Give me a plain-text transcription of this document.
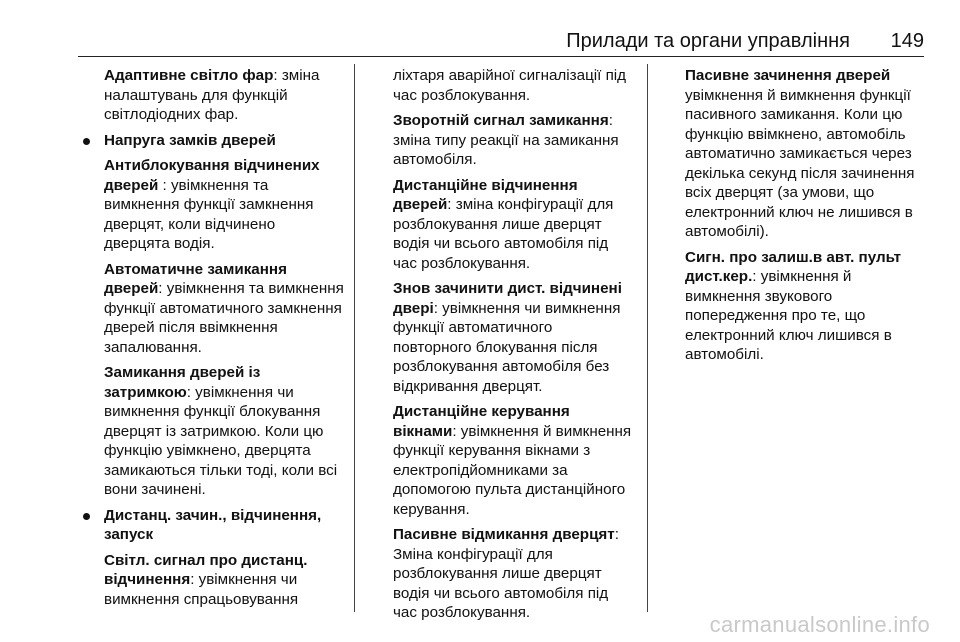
Прилади та органи управління 149

Адаптивне світло фар: зміна налаштувань для функцій світлодіодних фар.

Напруга замків дверей

Антиблокування відчинених дверей : увімкнення та вимкнення функції замкнення дверцят, коли відчинено дверцята водія.

Автоматичне замикання дверей: увімкнення та вимкнення функції автоматичного замкнення дверей після ввімкнення запалювання.

Замикання дверей із затримкою: увімкнення чи вимкнення функції блокування дверцят із затримкою. Коли цю функцію увімкнено, дверцята замикаються тільки тоді, коли всі вони зачинені.

Дистанц. зачин., відчинення, запуск

Світл. сигнал про дистанц. відчинення: увімкнення чи вимкнення спрацьовування

ліхтаря аварійної сигналізації під час розблокування.

Зворотній сигнал замикання: зміна типу реакції на замикання автомобіля.

Дистанційне відчинення дверей: зміна конфігурації для розблокування лише дверцят водія чи всього автомобіля під час розблокування.

Знов зачинити дист. відчинені двері: увімкнення чи вимкнення функції автоматичного повторного блокування після розблокування автомобіля без відкривання дверцят.

Дистанційне керування вікнами: увімкнення й вимкнення функції керування вікнами з електропідйомниками за допомогою пульта дистанційного керування.

Пасивне відмикання дверцят: Зміна конфігурації для розблокування лише дверцят водія чи всього автомобіля під час розблокування.

Пасивне зачинення дверей увімкнення й вимкнення функції пасивного замикання. Коли цю функцію ввімкнено, автомобіль автоматично замикається через декілька секунд після зачинення всіх дверцят (за умови, що електронний ключ не лишився в автомобілі).

Сигн. про залиш.в авт. пульт дист.кер.: увімкнення й вимкнення звукового попередження про те, що електронний ключ лишився в автомобілі.

carmanualsonline.info
